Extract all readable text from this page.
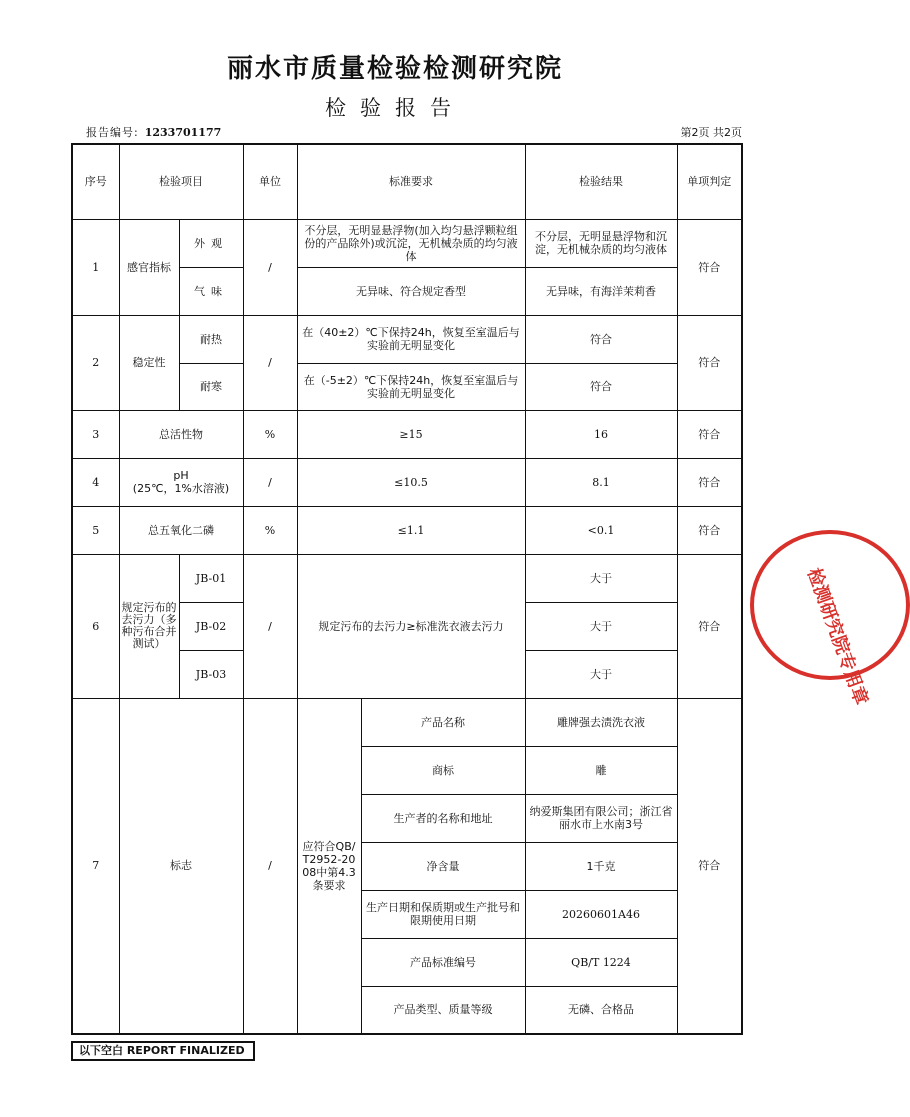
丽水市质量检验检测研究院
检验报告
报告编号: 1233701177	第2页 共2页
序号	检验项目		单位	标准要求		检验结果	单项判定
1	感官指标	外观	/	不分层，无明显悬浮物(加入均匀悬浮颗粒组份的产品除外)或沉淀，无机械杂质的均匀液体		不分层，无明显悬浮物和沉淀，无机械杂质的均匀液体	符合
		气味		无异味、符合规定香型		无异味，有海洋茉莉香	
2	稳定性	耐热	/	在（40±2）℃下保持24h，恢复至室温后与实验前无明显变化		符合	符合
		耐寒		在（-5±2）℃下保持24h，恢复至室温后与实验前无明显变化		符合	
3	总活性物		%	≥15		16	符合
4	pH
(25℃，1%水溶液)		/	≤10.5		8.1	符合
5	总五氧化二磷		%	≤1.1		<0.1	符合
6	规定污布的去污力（多种污布合并测试）	JB-01	/	规定污布的去污力≥标准洗衣液去污力		大于	符合
		JB-02				大于	
		JB-03				大于	
7	标志		/	应符合QB/T2952-2008中第4.3条要求	产品名称	雕牌强去渍洗衣液	符合
					商标	雕	
					生产者的名称和地址	纳爱斯集团有限公司；浙江省丽水市上水南3号	
					净含量	1千克	
					生产日期和保质期或生产批号和限期使用日期	20260601A46	
					产品标准编号	QB/T 1224	
					产品类型、质量等级	无磷、合格品	
以下空白 REPORT FINALIZED
检测研究院专用章
